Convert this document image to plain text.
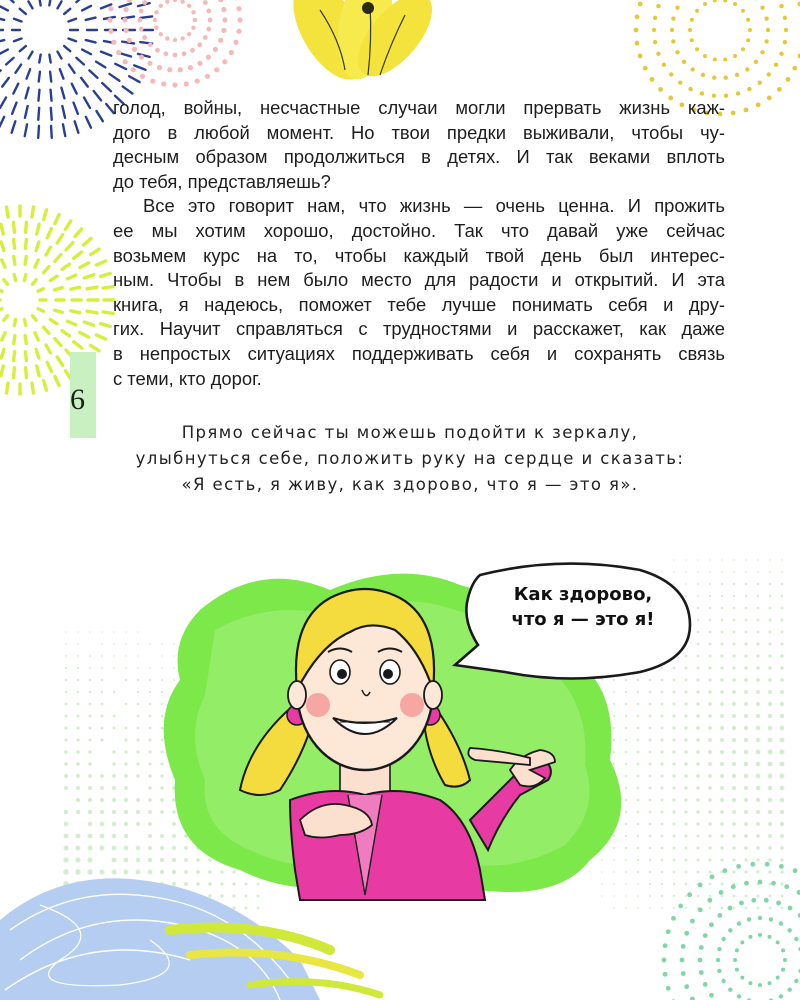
6

голод, войны, несчастные случаи могли прервать жизнь каж-
дого в любой момент. Но твои предки выживали, чтобы чу-
десным образом продолжиться в детях. И так веками вплоть
до тебя, представляешь?

Все это говорит нам, что жизнь — очень ценна. И прожить
ее мы хотим хорошо, достойно. Так что давай уже сейчас
возьмем курс на то, чтобы каждый твой день был интерес-
ным. Чтобы в нем было место для радости и открытий. И эта
книга, я надеюсь, поможет тебе лучше понимать себя и дру-
гих. Научит справляться с трудностями и расскажет, как даже
в непростых ситуациях поддерживать себя и сохранять связь
с теми, кто дорог.

Прямо сейчас ты можешь подойти к зеркалу,
улыбнуться себе, положить руку на сердце и сказать:
«Я есть, я живу, как здорово, что я — это я».
Как здорово,
что я — это я!
